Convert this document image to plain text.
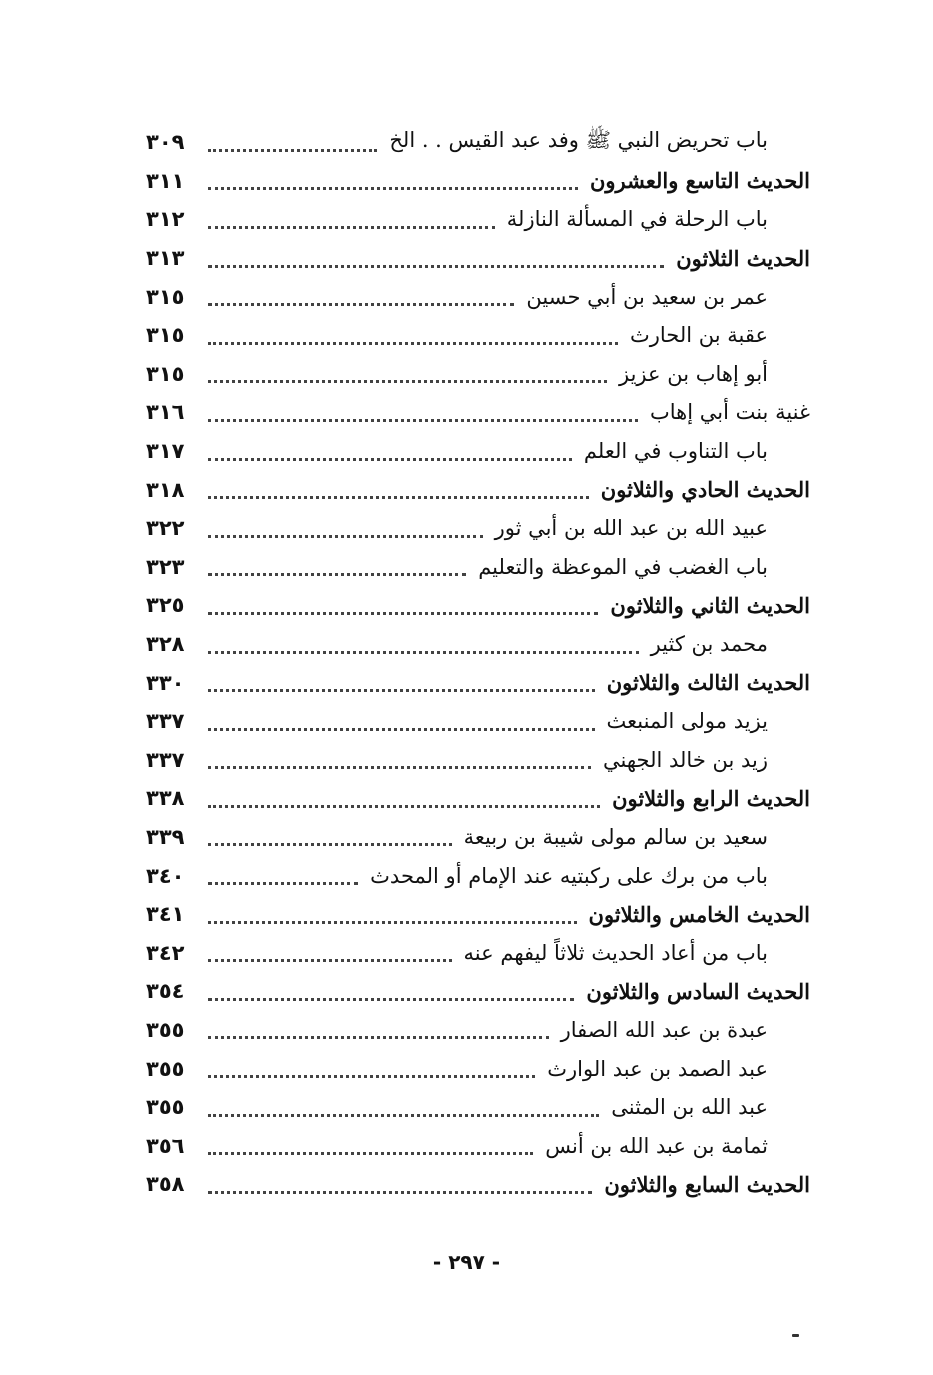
باب تحريض النبي ﷺ وفد عبد القيس . . الخ
٣٠٩
الحديث التاسع والعشرون
٣١١
باب الرحلة في المسألة النازلة
٣١٢
الحديث الثلاثون
٣١٣
عمر بن سعيد بن أبي حسين
٣١٥
عقبة بن الحارث
٣١٥
أبو إهاب بن عزيز
٣١٥
غنية بنت أبي إهاب
٣١٦
باب التناوب في العلم
٣١٧
الحديث الحادي والثلاثون
٣١٨
عبيد الله بن عبد الله بن أبي ثور
٣٢٢
باب الغضب في الموعظة والتعليم
٣٢٣
الحديث الثاني والثلاثون
٣٢٥
محمد بن كثير
٣٢٨
الحديث الثالث والثلاثون
٣٣٠
يزيد مولى المنبعث
٣٣٧
زيد بن خالد الجهني
٣٣٧
الحديث الرابع والثلاثون
٣٣٨
سعيد بن سالم مولى شيبة بن ربيعة
٣٣٩
باب من برك على ركبتيه عند الإمام أو المحدث
٣٤٠
الحديث الخامس والثلاثون
٣٤١
باب من أعاد الحديث ثلاثاً ليفهم عنه
٣٤٢
الحديث السادس والثلاثون
٣٥٤
عبدة بن عبد الله الصفار
٣٥٥
عبد الصمد بن عبد الوارث
٣٥٥
عبد الله بن المثنى
٣٥٥
ثمامة بن عبد الله بن أنس
٣٥٦
الحديث السابع والثلاثون
٣٥٨
- ٢٩٧ -
